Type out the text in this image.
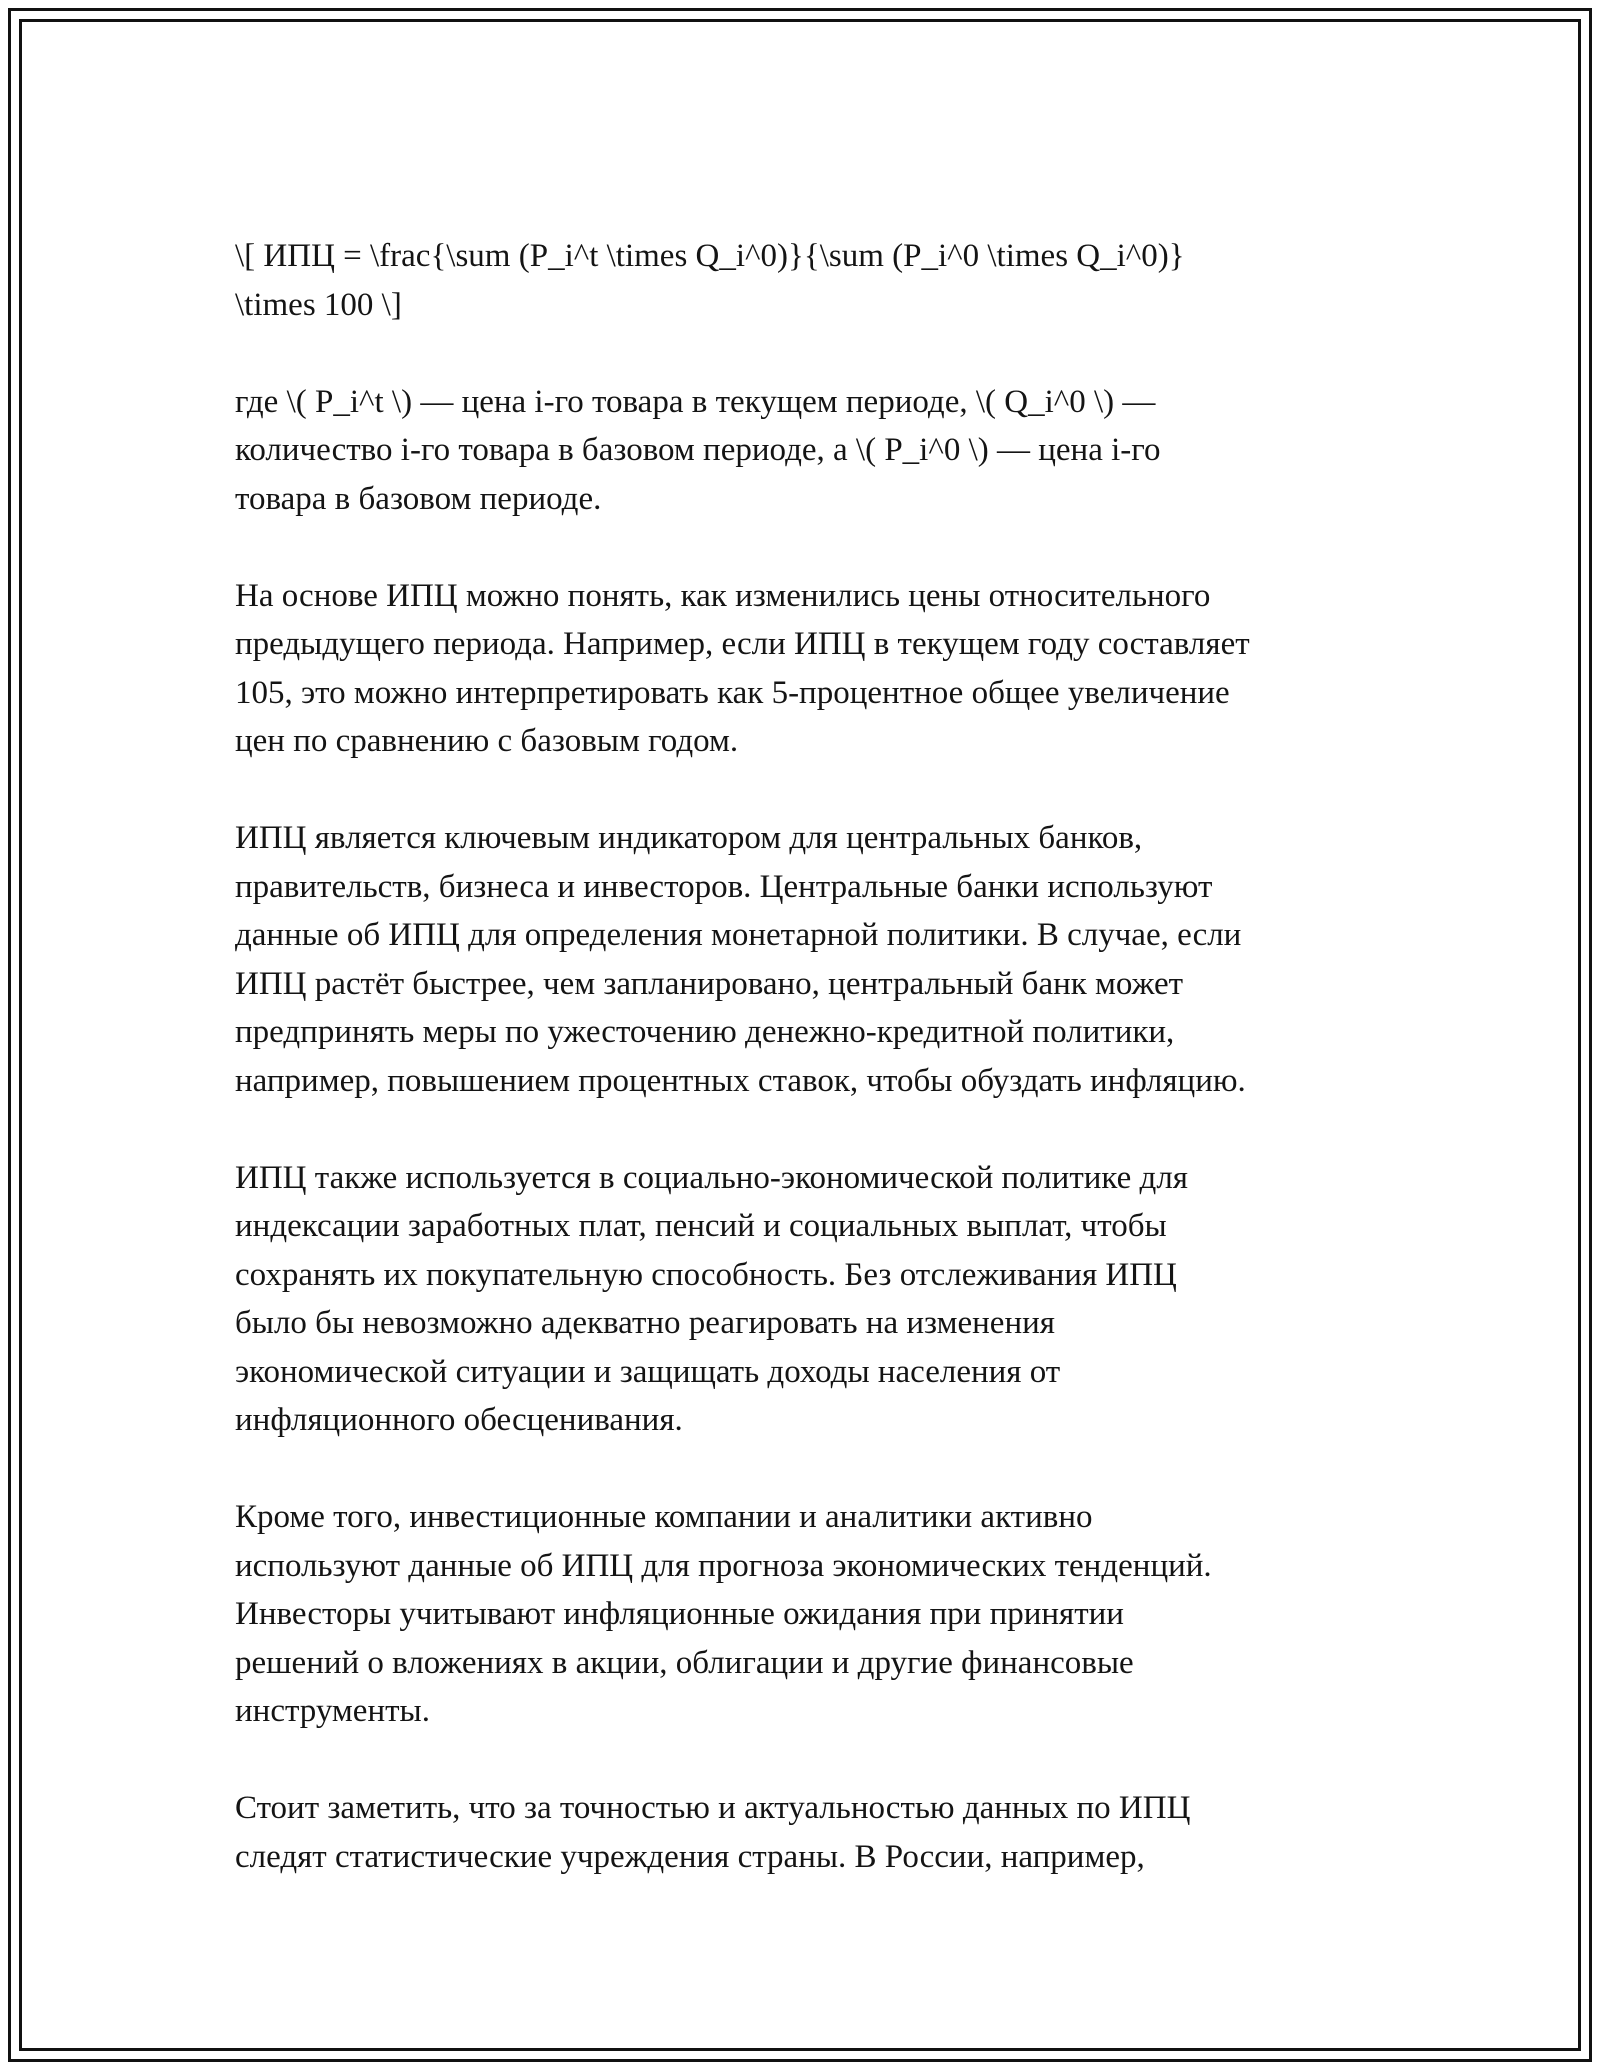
\[ ИПЦ = \frac{\sum (P_i^t \times Q_i^0)}{\sum (P_i^0 \times Q_i^0)}
\times 100 \]

где \( P_i^t \) — цена i-го товара в текущем периоде, \( Q_i^0 \) —
количество i-го товара в базовом периоде, а \( P_i^0 \) — цена i-го
товара в базовом периоде.

На основе ИПЦ можно понять, как изменились цены относительного
предыдущего периода. Например, если ИПЦ в текущем году составляет
105, это можно интерпретировать как 5-процентное общее увеличение
цен по сравнению с базовым годом.

ИПЦ является ключевым индикатором для центральных банков,
правительств, бизнеса и инвесторов. Центральные банки используют
данные об ИПЦ для определения монетарной политики. В случае, если
ИПЦ растёт быстрее, чем запланировано, центральный банк может
предпринять меры по ужесточению денежно-кредитной политики,
например, повышением процентных ставок, чтобы обуздать инфляцию.

ИПЦ также используется в социально-экономической политике для
индексации заработных плат, пенсий и социальных выплат, чтобы
сохранять их покупательную способность. Без отслеживания ИПЦ
было бы невозможно адекватно реагировать на изменения
экономической ситуации и защищать доходы населения от
инфляционного обесценивания.

Кроме того, инвестиционные компании и аналитики активно
используют данные об ИПЦ для прогноза экономических тенденций.
Инвесторы учитывают инфляционные ожидания при принятии
решений о вложениях в акции, облигации и другие финансовые
инструменты.

Стоит заметить, что за точностью и актуальностью данных по ИПЦ
следят статистические учреждения страны. В России, например,
